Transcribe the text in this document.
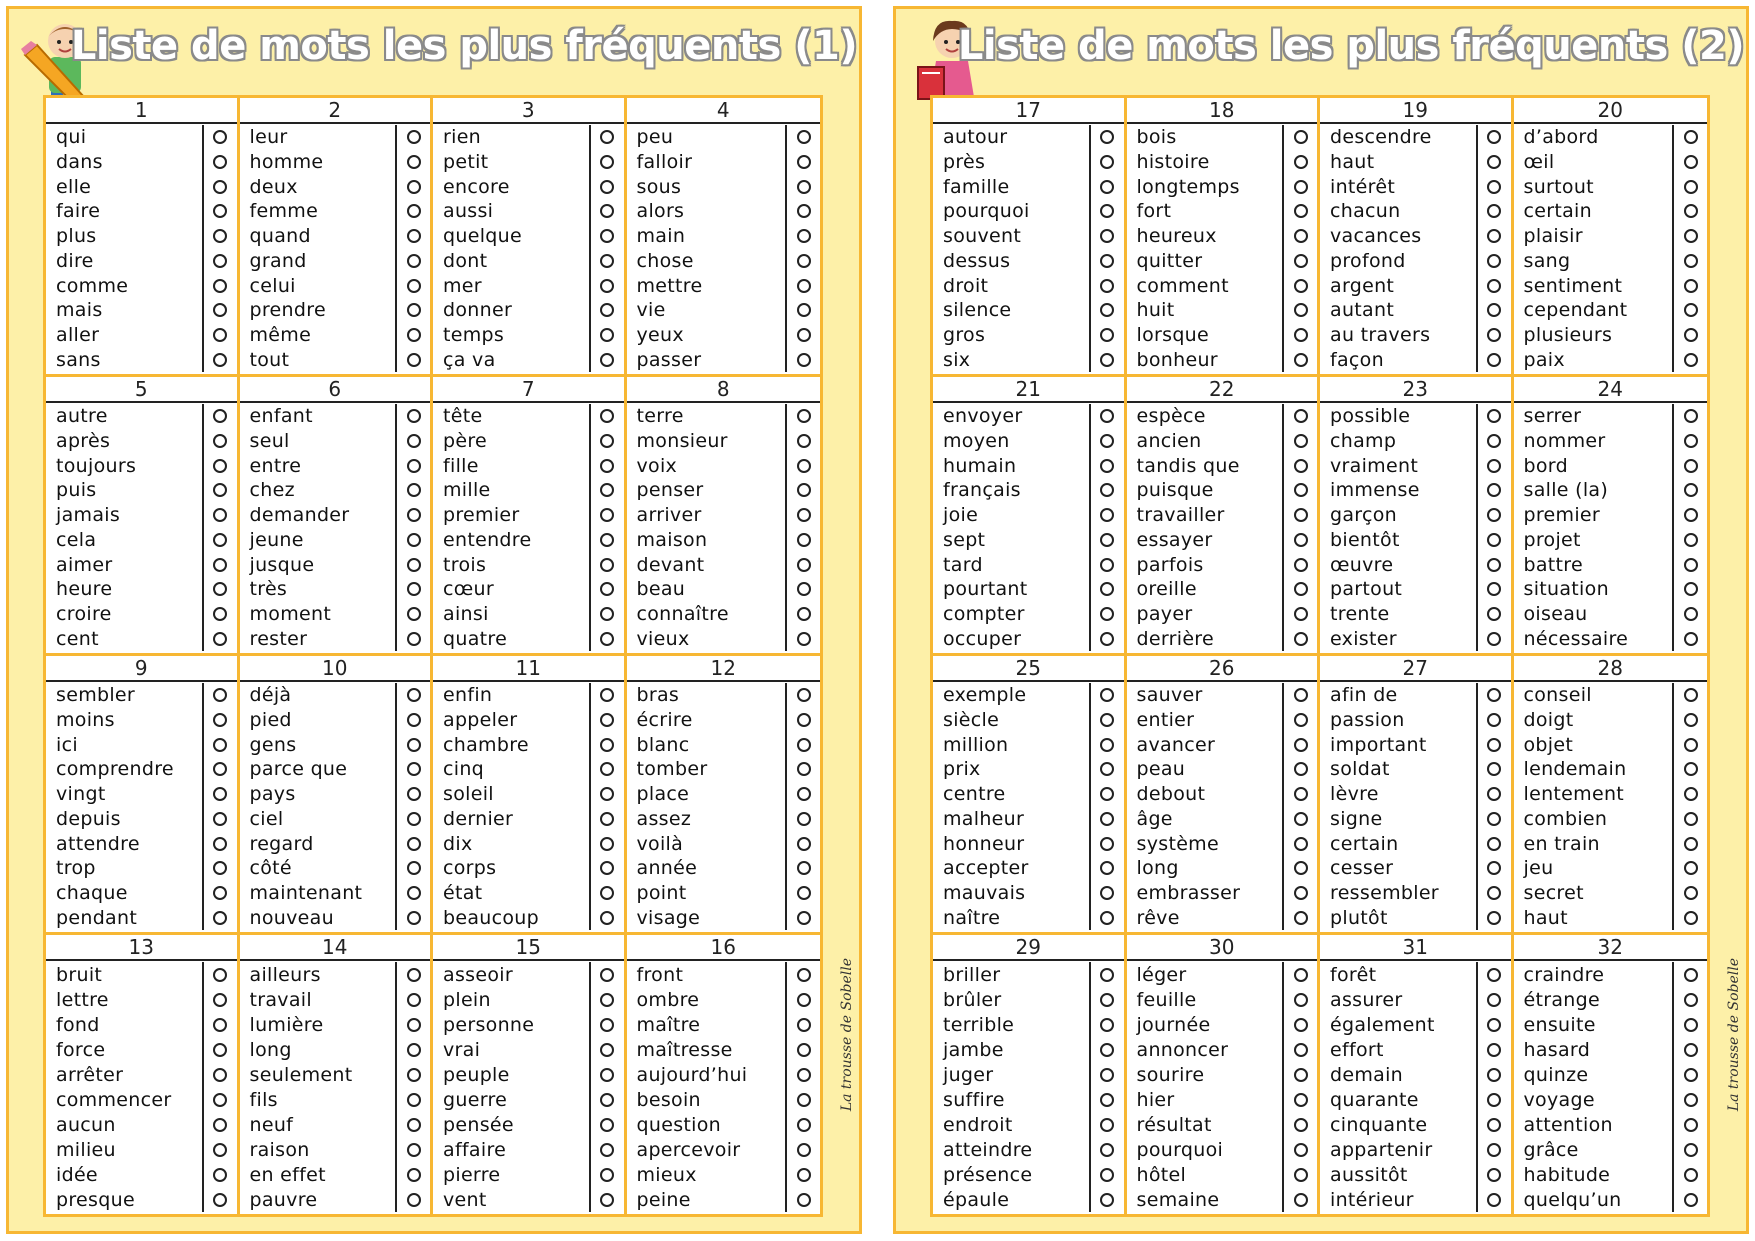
Liste de mots les plus fréquents (1)
1
qui
dans
elle
faire
plus
dire
comme
mais
aller
sans
2
leur
homme
deux
femme
quand
grand
celui
prendre
même
tout
3
rien
petit
encore
aussi
quelque
dont
mer
donner
temps
ça va
4
peu
falloir
sous
alors
main
chose
mettre
vie
yeux
passer
5
autre
après
toujours
puis
jamais
cela
aimer
heure
croire
cent
6
enfant
seul
entre
chez
demander
jeune
jusque
très
moment
rester
7
tête
père
fille
mille
premier
entendre
trois
cœur
ainsi
quatre
8
terre
monsieur
voix
penser
arriver
maison
devant
beau
connaître
vieux
9
sembler
moins
ici
comprendre
vingt
depuis
attendre
trop
chaque
pendant
10
déjà
pied
gens
parce que
pays
ciel
regard
côté
maintenant
nouveau
11
enfin
appeler
chambre
cinq
soleil
dernier
dix
corps
état
beaucoup
12
bras
écrire
blanc
tomber
place
assez
voilà
année
point
visage
13
bruit
lettre
fond
force
arrêter
commencer
aucun
milieu
idée
presque
14
ailleurs
travail
lumière
long
seulement
fils
neuf
raison
en effet
pauvre
15
asseoir
plein
personne
vrai
peuple
guerre
pensée
affaire
pierre
vent
16
front
ombre
maître
maîtresse
aujourd’hui
besoin
question
apercevoir
mieux
peine
La trousse de Sobelle
Liste de mots les plus fréquents (2)
17
autour
près
famille
pourquoi
souvent
dessus
droit
silence
gros
six
18
bois
histoire
longtemps
fort
heureux
quitter
comment
huit
lorsque
bonheur
19
descendre
haut
intérêt
chacun
vacances
profond
argent
autant
au travers
façon
20
d’abord
œil
surtout
certain
plaisir
sang
sentiment
cependant
plusieurs
paix
21
envoyer
moyen
humain
français
joie
sept
tard
pourtant
compter
occuper
22
espèce
ancien
tandis que
puisque
travailler
essayer
parfois
oreille
payer
derrière
23
possible
champ
vraiment
immense
garçon
bientôt
œuvre
partout
trente
exister
24
serrer
nommer
bord
salle (la)
premier
projet
battre
situation
oiseau
nécessaire
25
exemple
siècle
million
prix
centre
malheur
honneur
accepter
mauvais
naître
26
sauver
entier
avancer
peau
debout
âge
système
long
embrasser
rêve
27
afin de
passion
important
soldat
lèvre
signe
certain
cesser
ressembler
plutôt
28
conseil
doigt
objet
lendemain
lentement
combien
en train
jeu
secret
haut
29
briller
brûler
terrible
jambe
juger
suffire
endroit
atteindre
présence
épaule
30
léger
feuille
journée
annoncer
sourire
hier
résultat
pourquoi
hôtel
semaine
31
forêt
assurer
également
effort
demain
quarante
cinquante
appartenir
aussitôt
intérieur
32
craindre
étrange
ensuite
hasard
quinze
voyage
attention
grâce
habitude
quelqu’un
La trousse de Sobelle
